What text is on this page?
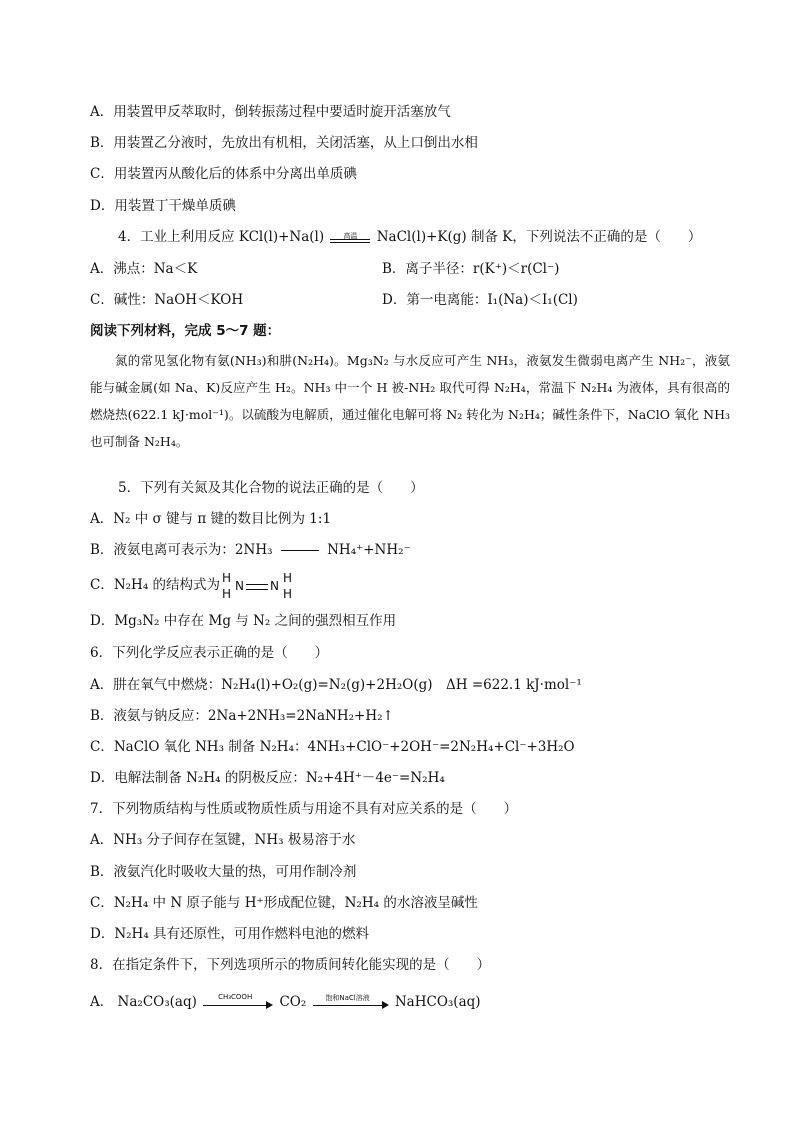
A．用装置甲反萃取时，倒转振荡过程中要适时旋开活塞放气
B．用装置乙分液时，先放出有机相，关闭活塞，从上口倒出水相
C．用装置丙从酸化后的体系中分离出单质碘
D．用装置丁干燥单质碘
4．工业上利用反应 KCl(l)+Na(l)	高温	NaCl(l)+K(g) 制备 K，下列说法不正确的是（　　）
A．沸点：Na＜K	B．离子半径：r(K⁺)＜r(Cl⁻)
C．碱性：NaOH＜KOH	D．第一电离能：I₁(Na)＜I₁(Cl)
阅读下列材料，完成 5～7 题：
氮的常见氢化物有氨(NH₃)和肼(N₂H₄)。Mg₃N₂ 与水反应可产生 NH₃，液氨发生微弱电离产生 NH₂⁻，液氨能与碱金属(如 Na、K)反应产生 H₂。NH₃ 中一个 H 被-NH₂ 取代可得 N₂H₄，常温下 N₂H₄ 为液体，具有很高的燃烧热(622.1 kJ·mol⁻¹)。以硫酸为电解质，通过催化电解可将 N₂ 转化为 N₂H₄；碱性条件下，NaClO 氧化 NH₃ 也可制备 N₂H₄。
5．下列有关氮及其化合物的说法正确的是（　　）
A．N₂ 中 σ 键与 π 键的数目比例为 1:1
B．液氨电离可表示为：2NH₃	NH₄⁺+NH₂⁻
C．N₂H₄ 的结构式为 H
H
N N
H
H
D．Mg₃N₂ 中存在 Mg 与 N₂ 之间的强烈相互作用
6．下列化学反应表示正确的是（　　）
A．肼在氧气中燃烧：N₂H₄(l)+O₂(g)=N₂(g)+2H₂O(g)　ΔH =622.1 kJ·mol⁻¹
B．液氨与钠反应：2Na+2NH₃=2NaNH₂+H₂↑
C．NaClO 氧化 NH₃ 制备 N₂H₄：4NH₃+ClO⁻+2OH⁻=2N₂H₄+Cl⁻+3H₂O
D．电解法制备 N₂H₄ 的阴极反应：N₂+4H⁺－4e⁻=N₂H₄
7．下列物质结构与性质或物质性质与用途不具有对应关系的是（　　）
A．NH₃ 分子间存在氢键，NH₃ 极易溶于水
B．液氨汽化时吸收大量的热，可用作制冷剂
C．N₂H₄ 中 N 原子能与 H⁺形成配位键，N₂H₄ 的水溶液呈碱性
D．N₂H₄ 具有还原性，可用作燃料电池的燃料
8．在指定条件下，下列选项所示的物质间转化能实现的是（　　）
A． Na₂CO₃(aq)	CH₃COOH	CO₂	饱和NaCl溶液	NaHCO₃(aq)
